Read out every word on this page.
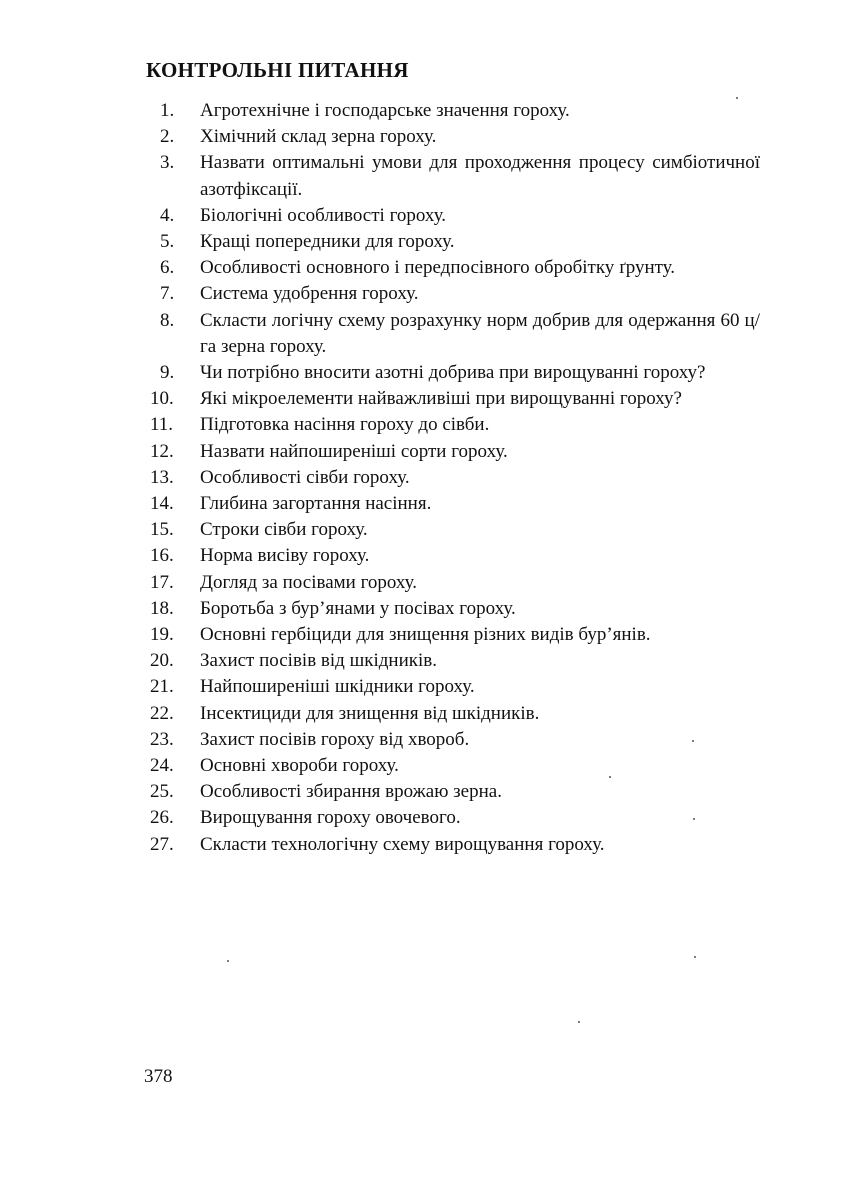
КОНТРОЛЬНІ ПИТАННЯ
1.	Агротехнічне і господарське значення гороху.
2.	Хімічний склад зерна гороху.
3.	Назвати оптимальні умови для проходження процесу симбіотичної азотфіксації.
4.	Біологічні особливості гороху.
5.	Кращі попередники для гороху.
6.	Особливості основного і передпосівного обробітку ґрунту.
7.	Система удобрення гороху.
8.	Скласти логічну схему розрахунку норм добрив для одержання 60 ц/га зерна гороху.
9.	Чи потрібно вносити азотні добрива при вирощуванні гороху?
10.	Які мікроелементи найважливіші при вирощуванні гороху?
11.	Підготовка насіння гороху до сівби.
12.	Назвати найпоширеніші сорти гороху.
13.	Особливості сівби гороху.
14.	Глибина загортання насіння.
15.	Строки сівби гороху.
16.	Норма висіву гороху.
17.	Догляд за посівами гороху.
18.	Боротьба з бур’янами у посівах гороху.
19.	Основні гербіциди для знищення різних видів бур’янів.
20.	Захист посівів від шкідників.
21.	Найпоширеніші шкідники гороху.
22.	Інсектициди для знищення від шкідників.
23.	Захист посівів гороху від хвороб.
24.	Основні хвороби гороху.
25.	Особливості збирання врожаю зерна.
26.	Вирощування гороху овочевого.
27.	Скласти технологічну схему вирощування гороху.
378
